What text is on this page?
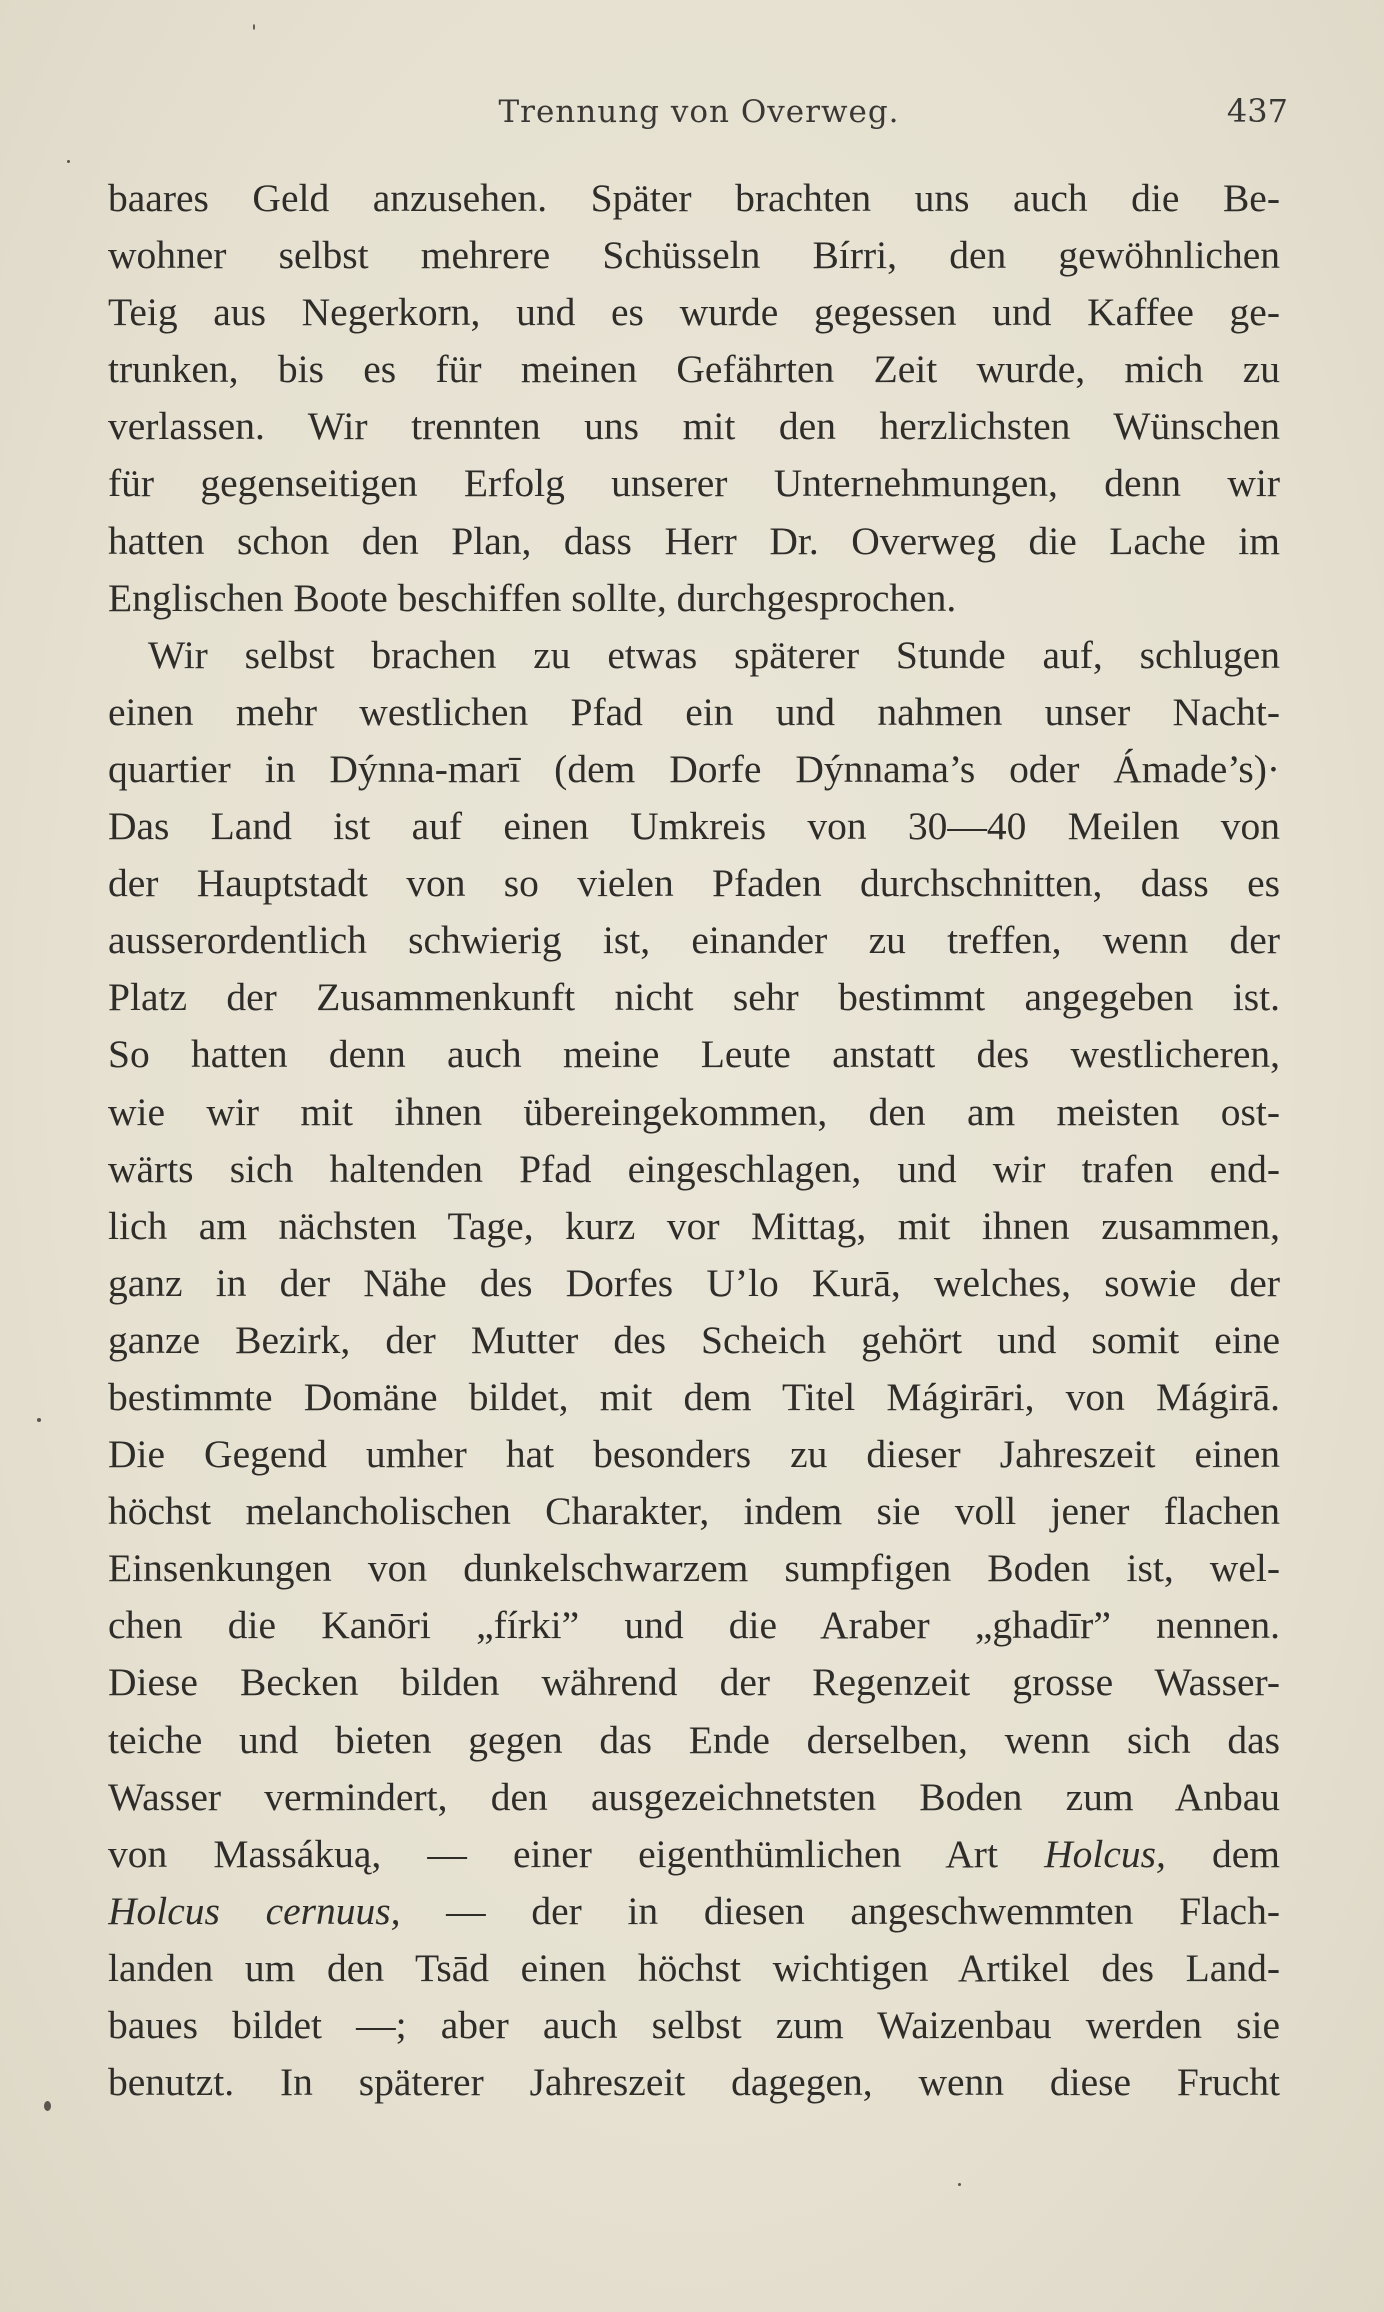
Trennung von Overweg.	437
baares Geld anzusehen. Später brachten uns auch die Be-
wohner selbst mehrere Schüsseln Bírri, den gewöhnlichen
Teig aus Negerkorn, und es wurde gegessen und Kaffee ge-
trunken, bis es für meinen Gefährten Zeit wurde, mich zu
verlassen. Wir trennten uns mit den herzlichsten Wünschen
für gegenseitigen Erfolg unserer Unternehmungen, denn wir
hatten schon den Plan, dass Herr Dr. Overweg die Lache im
Englischen Boote beschiffen sollte, durchgesprochen.
Wir selbst brachen zu etwas späterer Stunde auf, schlugen
einen mehr westlichen Pfad ein und nahmen unser Nacht-
quartier in Dýnna-marī (dem Dorfe Dýnnama’s oder Ámade’s)·
Das Land ist auf einen Umkreis von 30—40 Meilen von
der Hauptstadt von so vielen Pfaden durchschnitten, dass es
ausserordentlich schwierig ist, einander zu treffen, wenn der
Platz der Zusammenkunft nicht sehr bestimmt angegeben ist.
So hatten denn auch meine Leute anstatt des westlicheren,
wie wir mit ihnen übereingekommen, den am meisten ost-
wärts sich haltenden Pfad eingeschlagen, und wir trafen end-
lich am nächsten Tage, kurz vor Mittag, mit ihnen zusammen,
ganz in der Nähe des Dorfes U’lo Kurā, welches, sowie der
ganze Bezirk, der Mutter des Scheich gehört und somit eine
bestimmte Domäne bildet, mit dem Titel Mágirāri, von Mágirā.
Die Gegend umher hat besonders zu dieser Jahreszeit einen
höchst melancholischen Charakter, indem sie voll jener flachen
Einsenkungen von dunkelschwarzem sumpfigen Boden ist, wel-
chen die Kanōri „fírki” und die Araber „ghadīr” nennen.
Diese Becken bilden während der Regenzeit grosse Wasser-
teiche und bieten gegen das Ende derselben, wenn sich das
Wasser vermindert, den ausgezeichnetsten Boden zum Anbau
von Massákuą, — einer eigenthümlichen Art Holcus, dem
Holcus cernuus, — der in diesen angeschwemmten Flach-
landen um den Tsād einen höchst wichtigen Artikel des Land-
baues bildet —; aber auch selbst zum Waizenbau werden sie
benutzt. In späterer Jahreszeit dagegen, wenn diese Frucht
